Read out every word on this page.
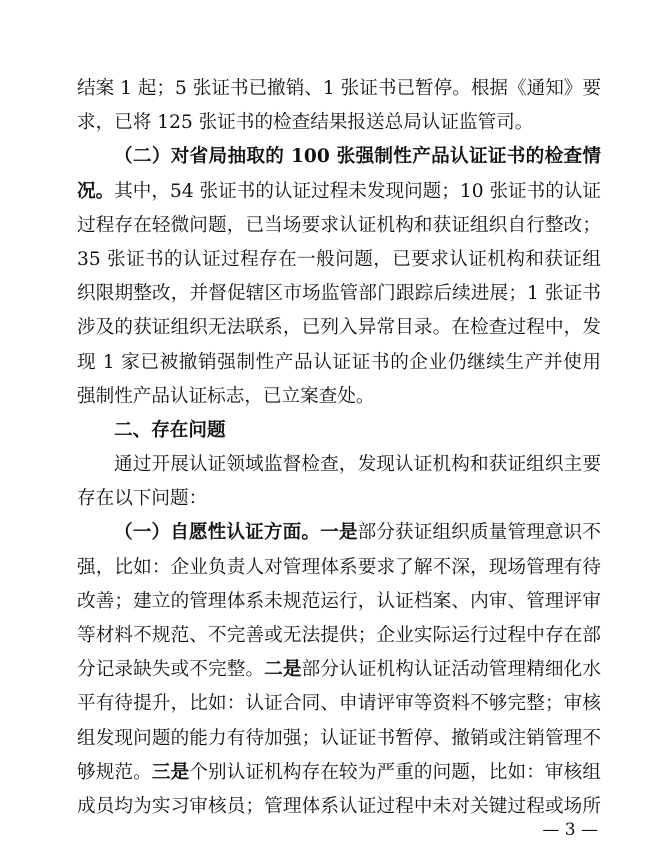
结案 1 起；5 张证书已撤销、1 张证书已暂停。根据《通知》要
求，已将 125 张证书的检查结果报送总局认证监管司。
（二）对省局抽取的 100 张强制性产品认证证书的检查情
况。其中，54 张证书的认证过程未发现问题；10 张证书的认证
过程存在轻微问题，已当场要求认证机构和获证组织自行整改；
35 张证书的认证过程存在一般问题，已要求认证机构和获证组
织限期整改，并督促辖区市场监管部门跟踪后续进展；1 张证书
涉及的获证组织无法联系，已列入异常目录。在检查过程中，发
现 1 家已被撤销强制性产品认证证书的企业仍继续生产并使用
强制性产品认证标志，已立案查处。
二、存在问题
通过开展认证领域监督检查，发现认证机构和获证组织主要
存在以下问题：
（一）自愿性认证方面。一是部分获证组织质量管理意识不
强，比如：企业负责人对管理体系要求了解不深，现场管理有待
改善；建立的管理体系未规范运行，认证档案、内审、管理评审
等材料不规范、不完善或无法提供；企业实际运行过程中存在部
分记录缺失或不完整。二是部分认证机构认证活动管理精细化水
平有待提升，比如：认证合同、申请评审等资料不够完整；审核
组发现问题的能力有待加强；认证证书暂停、撤销或注销管理不
够规范。三是个别认证机构存在较为严重的问题，比如：审核组
成员均为实习审核员；管理体系认证过程中未对关键过程或场所
— 3 —
